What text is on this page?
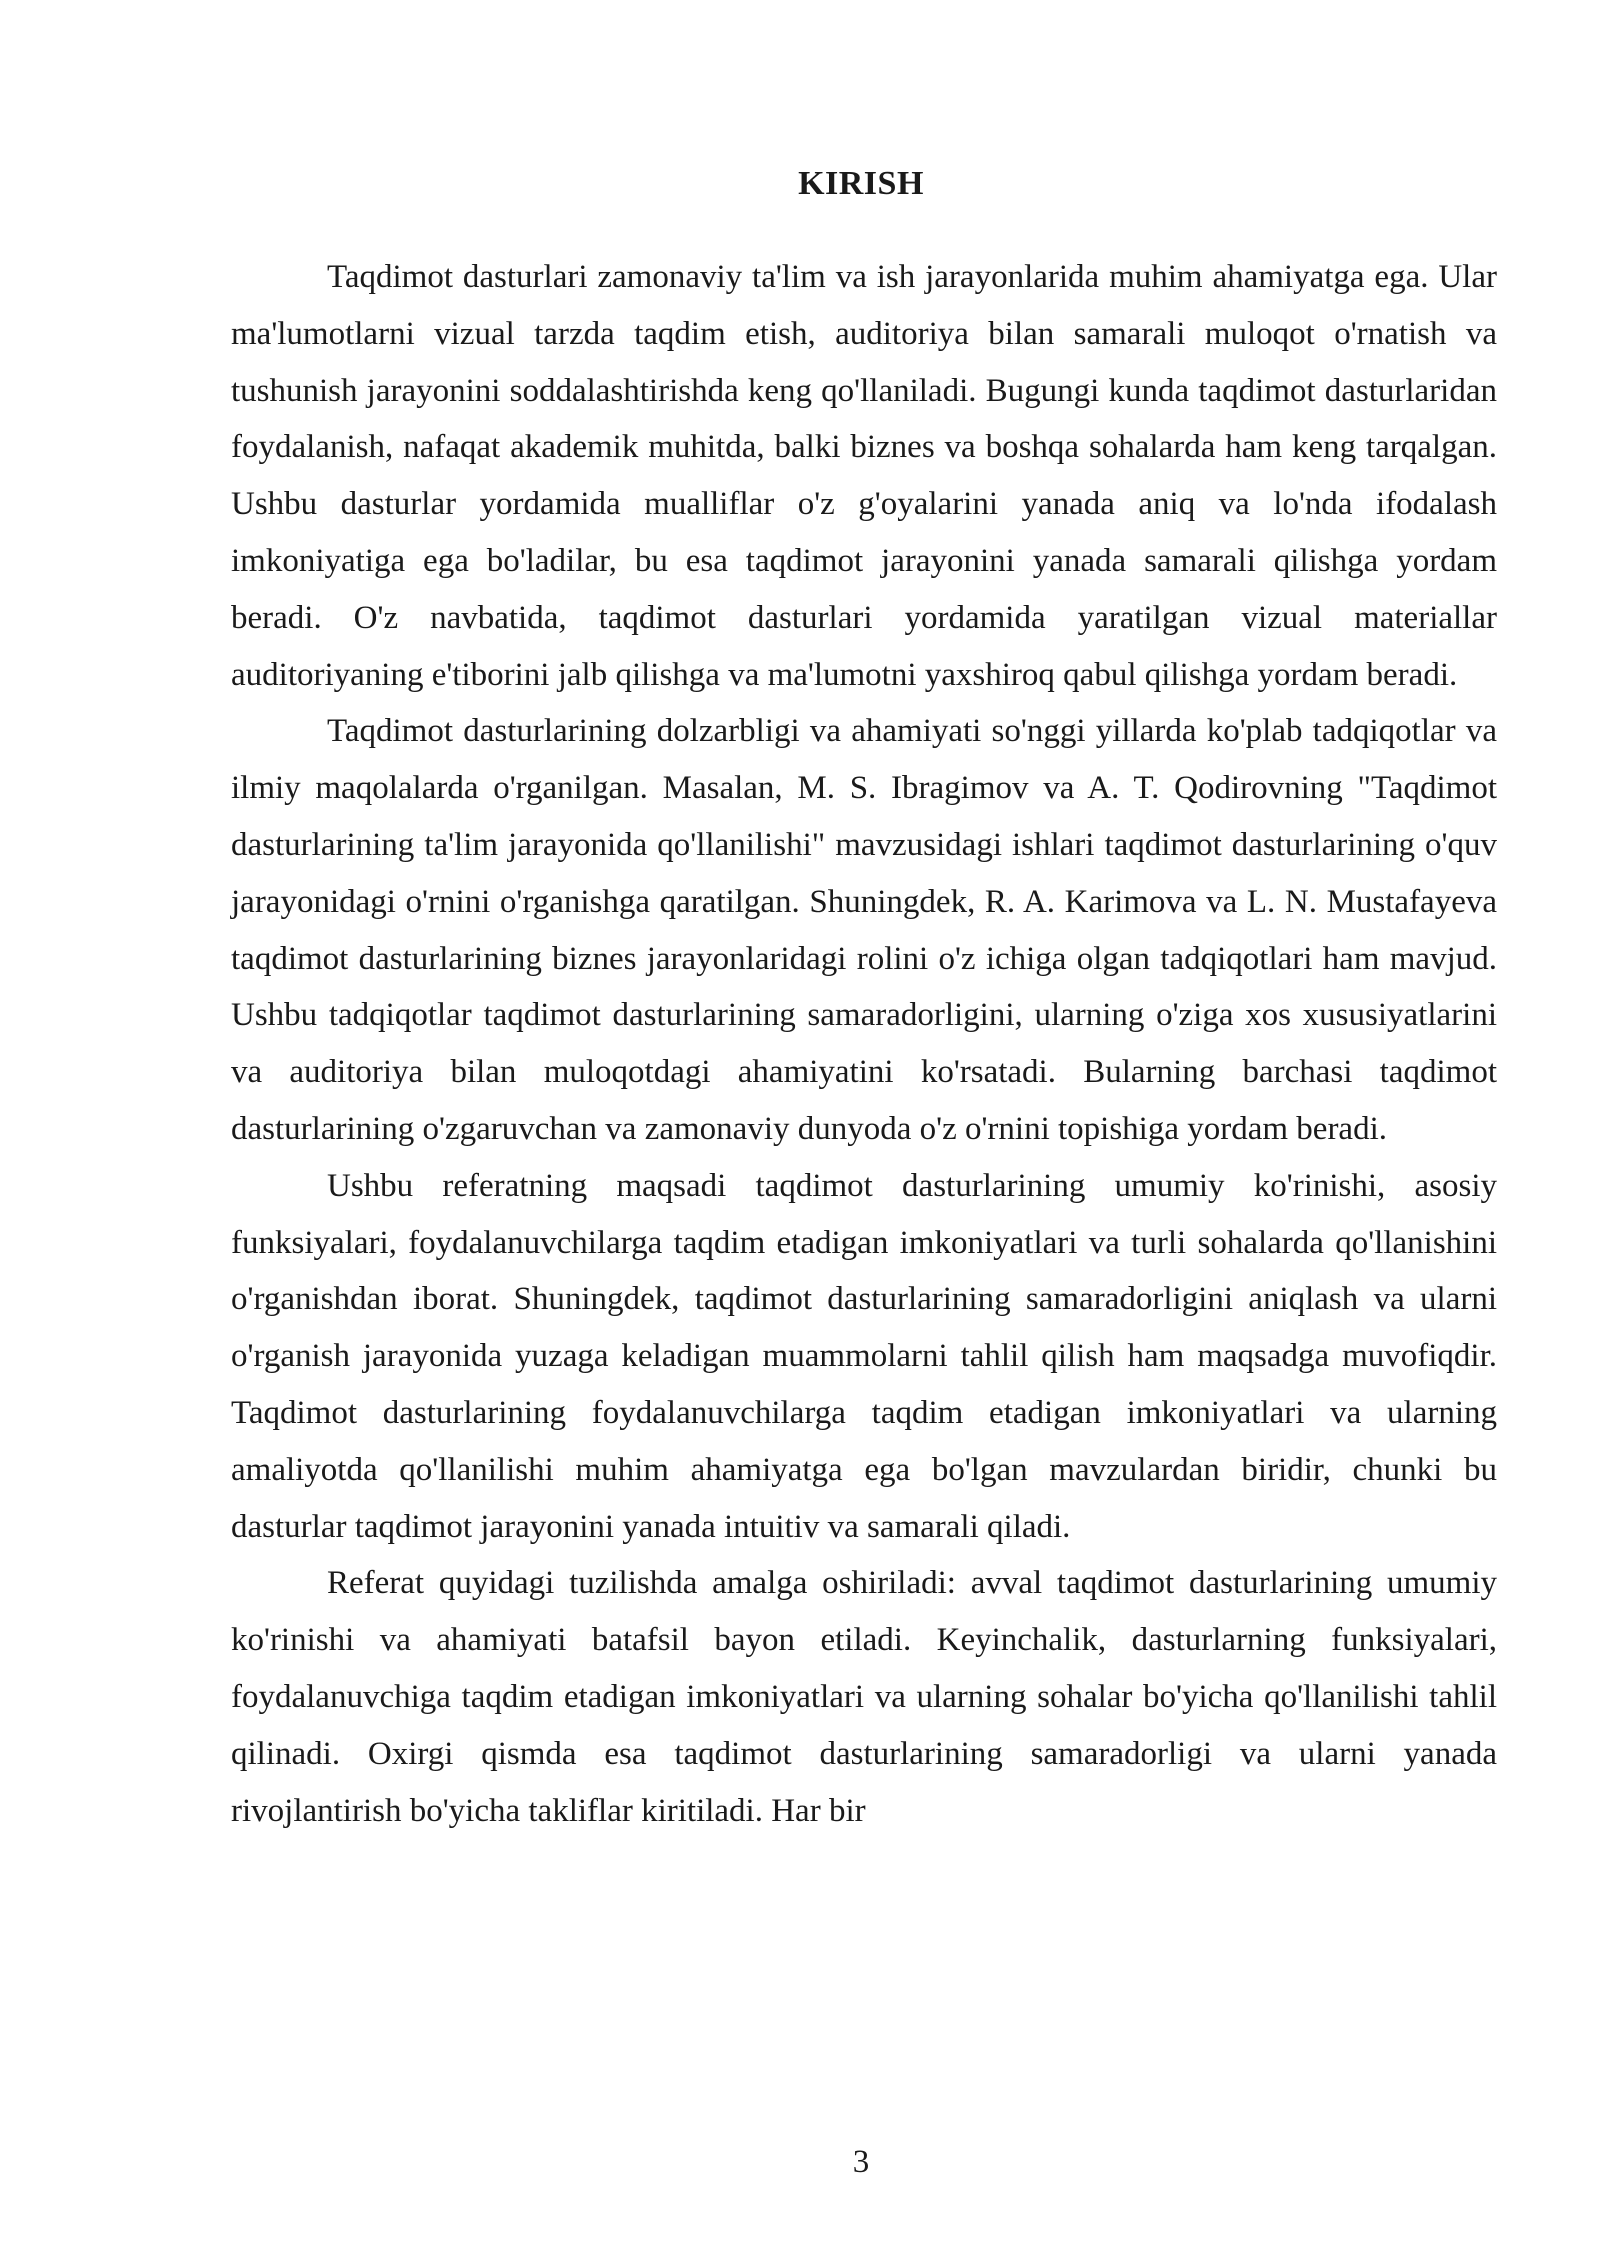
KIRISH

Taqdimot dasturlari zamonaviy ta'lim va ish jarayonlarida muhim ahamiyatga ega. Ular ma'lumotlarni vizual tarzda taqdim etish, auditoriya bilan samarali muloqot o'rnatish va tushunish jarayonini soddalashtirishda keng qo'llaniladi. Bugungi kunda taqdimot dasturlaridan foydalanish, nafaqat akademik muhitda, balki biznes va boshqa sohalarda ham keng tarqalgan. Ushbu dasturlar yordamida mualliflar o'z g'oyalarini yanada aniq va lo'nda ifodalash imkoniyatiga ega bo'ladilar, bu esa taqdimot jarayonini yanada samarali qilishga yordam beradi. O'z navbatida, taqdimot dasturlari yordamida yaratilgan vizual materiallar auditoriyaning e'tiborini jalb qilishga va ma'lumotni yaxshiroq qabul qilishga yordam beradi.

Taqdimot dasturlarining dolzarbligi va ahamiyati so'nggi yillarda ko'plab tadqiqotlar va ilmiy maqolalarda o'rganilgan. Masalan, M. S. Ibragimov va A. T. Qodirovning "Taqdimot dasturlarining ta'lim jarayonida qo'llanilishi" mavzusidagi ishlari taqdimot dasturlarining o'quv jarayonidagi o'rnini o'rganishga qaratilgan. Shuningdek, R. A. Karimova va L. N. Mustafayeva taqdimot dasturlarining biznes jarayonlaridagi rolini o'z ichiga olgan tadqiqotlari ham mavjud. Ushbu tadqiqotlar taqdimot dasturlarining samaradorligini, ularning o'ziga xos xususiyatlarini va auditoriya bilan muloqotdagi ahamiyatini ko'rsatadi. Bularning barchasi taqdimot dasturlarining o'zgaruvchan va zamonaviy dunyoda o'z o'rnini topishiga yordam beradi.

Ushbu referatning maqsadi taqdimot dasturlarining umumiy ko'rinishi, asosiy funksiyalari, foydalanuvchilarga taqdim etadigan imkoniyatlari va turli sohalarda qo'llanishini o'rganishdan iborat. Shuningdek, taqdimot dasturlarining samaradorligini aniqlash va ularni o'rganish jarayonida yuzaga keladigan muammolarni tahlil qilish ham maqsadga muvofiqdir. Taqdimot dasturlarining foydalanuvchilarga taqdim etadigan imkoniyatlari va ularning amaliyotda qo'llanilishi muhim ahamiyatga ega bo'lgan mavzulardan biridir, chunki bu dasturlar taqdimot jarayonini yanada intuitiv va samarali qiladi.

Referat quyidagi tuzilishda amalga oshiriladi: avval taqdimot dasturlarining umumiy ko'rinishi va ahamiyati batafsil bayon etiladi. Keyinchalik, dasturlarning funksiyalari, foydalanuvchiga taqdim etadigan imkoniyatlari va ularning sohalar bo'yicha qo'llanilishi tahlil qilinadi. Oxirgi qismda esa taqdimot dasturlarining samaradorligi va ularni yanada rivojlantirish bo'yicha takliflar kiritiladi. Har bir

3
